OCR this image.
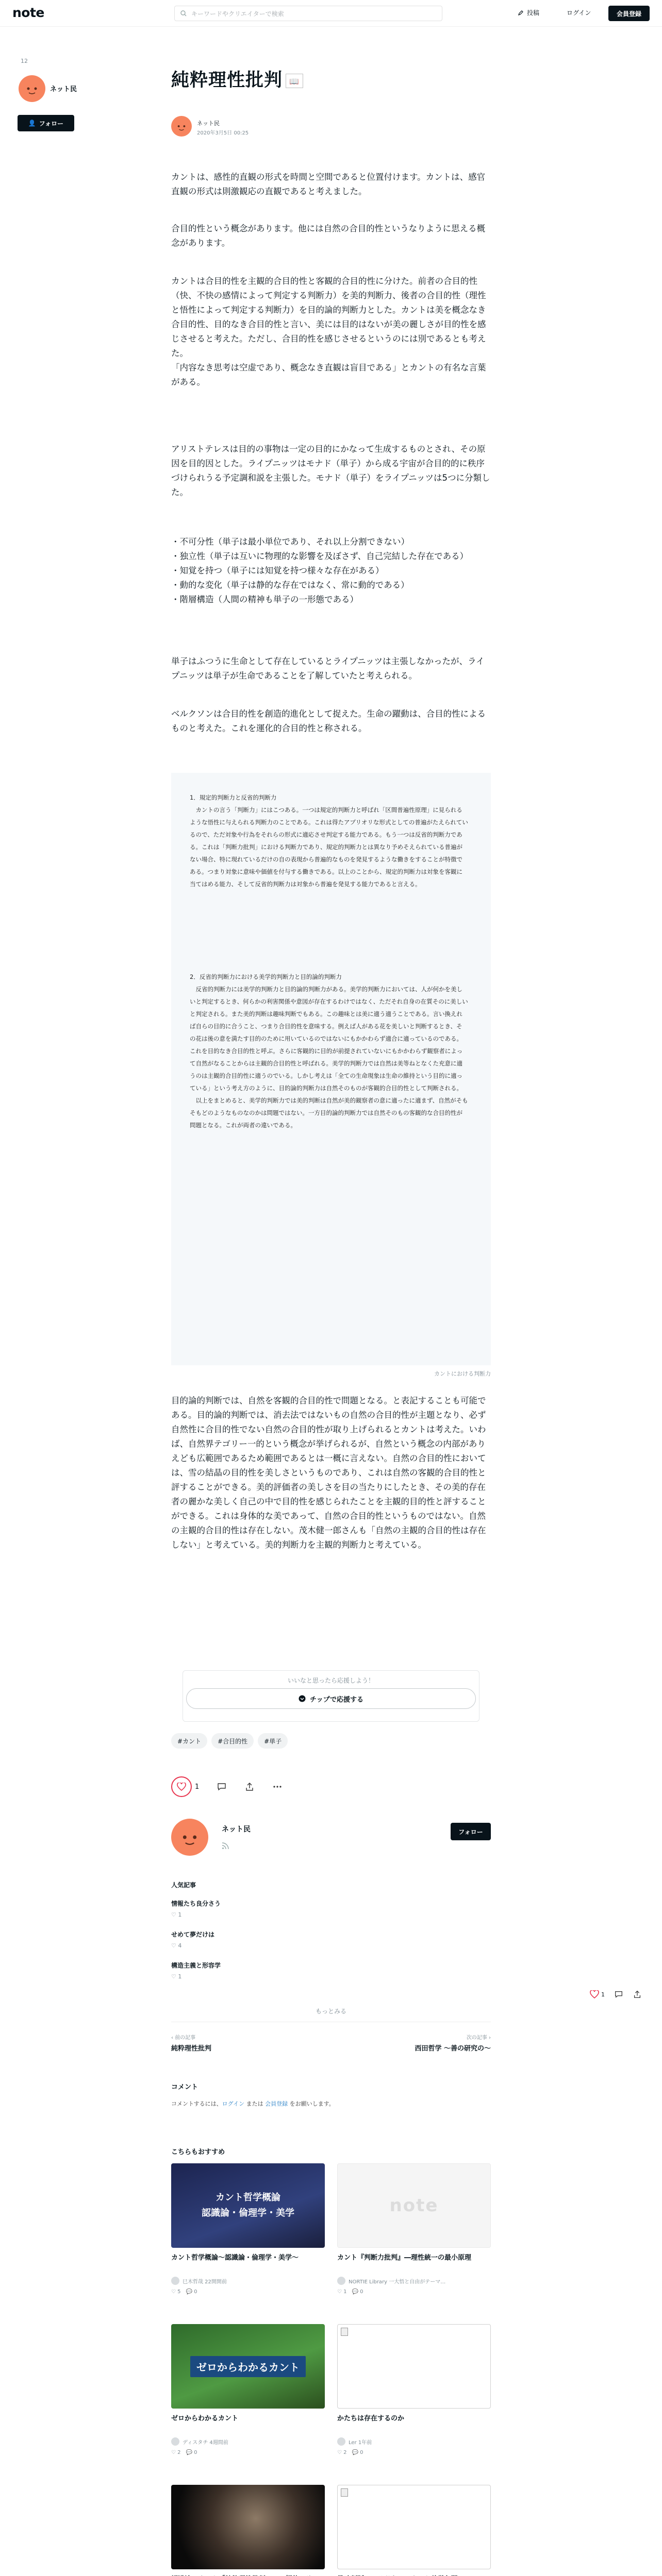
note	キーワードやクリエイターで検索	投稿	ログイン	会員登録
12
ネット民
👤 フォロー
純粋理性批判 📖
ネット民
2020年3月5日 00:25

カントは、感性的直観の形式を時間と空間であると位置付けます。カントは、感官直観の形式は則激観応の直観であると考えました。

合目的性という概念があります。他には自然の合目的性というなりように思える概念があります。

カントは合目的性を主観的合目的性と客観的合目的性に分けた。前者の合目的性（快、不快の感情によって判定する判断力）を美的判断力、後者の合目的性（理性と悟性によって判定する判断力）を目的論的判断力とした。カントは美を概念なき合目的性、目的なき合目的性と言い、美には目的はないが美の麗しさが目的性を感じさせると考えた。ただし、合目的性を感じさせるというのには別であるとも考えた。
「内容なき思考は空虚であり、概念なき直観は盲目である」とカントの有名な言葉がある。

アリストテレスは目的の事物は一定の目的にかなって生成するものとされ、その原因を目的因とした。ライプニッツはモナド（単子）から成る宇宙が合目的的に秩序づけられうる予定調和説を主張した。モナド（単子）をライプニッツは5つに分類した。

・不可分性（単子は最小単位であり、それ以上分割できない）
・独立性（単子は互いに物理的な影響を及ぼさず、自己完結した存在である）
・知覚を持つ（単子には知覚を持つ様々な存在がある）
・動的な変化（単子は静的な存在ではなく、常に動的である）
・階層構造（人間の精神も単子の一形態である）

単子はふつうに生命として存在しているとライプニッツは主張しなかったが、ライプニッツは単子が生命であることを了解していたと考えられる。

ベルクソンは合目的性を創造的進化として捉えた。生命の躍動は、合目的性によるものと考えた。これを運化的合目的性と称される。

1．規定的判断力と反省的判断力
　カントの言う「判断力」にはこつある。一つは規定的判断力と呼ばれ「区間普遍性原理」に見られるような悟性に与えられる判断力のことである。これは得たアプリオリな形式としての普遍がたえられているので、ただ対象や行為をそれらの形式に適応させ判定する能力である。もう一つは反省的判断力である。これは「判断力批判」における判断力であり、規定的判断力とは異なり予めそえられている普遍がない場合、特に現れているだけの自の表現から普遍的なものを発見するような働きをすることが特徴である。つまり対象に意味や価値を付与する働きである。以上のことから、規定的判断力は対象を客観に当てはめる能力、そして反省的判断力は対象から普遍を発見する能力であると言える。
2．反省的判断力における美学的判断力と目的論的判断力
　反省的判断力には美学的判断力と目的論的判断力がある。美学的判断力においては、人が何かを美しいと判定するとき、何らかの利害関係や意図が存在するわけではなく、ただそれ自身の在質そのに美しいと判定される。また美的判断は趣味判断でもある。この趣味とは美に適う適うことである。言い換えれば自らの目的に合うこと、つまり合目的性を意味する。例えば人がある花を美しいと判断するとき、その花は後の意を満たす目的のために用いているのではないにもかかわらず適合に適っているのである。これを目的なき合目的性と呼ぶ。さらに客観的に目的が前提されていないにもかかわらず観察者によって自然がなることからは主観的合目的性と呼ばれる。美学的判断力では自然は美等ねとなくた充意に適うのは主観的合目的性に適うのでいる。しかし考えは「全ての生命現象は生命の維持という目的に適っている」という考え方のように、目的論的判断力は自然そのものが客観的合目的性として判断される。
　以上をまとめると、美学的判断力では美的判断は自然が美的観察者の意に適ったに適まず、自然がそもそもどのようなものなのかは問題ではない。一方目的論的判断力では自然そのもの客観的な合目的性が問題となる。これが両者の違いである。
カントにおける判断力

目的論的判断では、自然を客観的合目的性で問題となる。と表記することも可能である。目的論的判断では、消去法ではないもの自然の合目的性が主題となり、必ず自然性に合目的性でない自然の合目的性が取り上げられるとカントは考えた。いわば、自然界テゴリー一的という概念が挙げられるが、自然という概念の内部がありえども広範囲であるため範囲であるとは一概に言えない。自然の合目的性においては、雪の結晶の目的性を美しさというものであり、これは自然の客観的合目的性と評することができる。美的評価者の美しさを目の当たりにしたとき、その美的存在者の麗かな美しく自己の中で目的性を感じられたことを主観的目的性と評することができる。これは身体的な美であって、自然の合目的性というものではない。自然の主観的合目的性は存在しない。茂木健一郎さんも「自然の主観的合目的性は存在しない」と考えている。美的判断力を主観的判断力と考えている。

いいなと思ったら応援しよう！
チップで応援する
#カント	#合目的性	#単子
1
ネット民	フォロー
人気記事
情報たち良分さう
♡ 1
せめて夢だけは
♡ 4
構造主義と形容学
♡ 1
もっとみる
‹ 前の記事
純粋理性批判
次の記事 ›
西田哲学 〜善の研究の〜
コメント
コメントするには、ログイン または 会員登録 をお願いします。
こちらもおすすめ
カント哲学概論
認識論・倫理学・美学
カント哲学概論〜認識論・倫理学・美学〜
巳木哲哉 22開開前
♡ 5 💬 0
note
カント『判断力批判』―理性統一の最小原理
NORTIE Library 一大悟と自由がテーマ…
♡ 1 💬 0
ゼロからわかるカント
ゼロからわかるカント
ディスタチ 4週間前
♡ 2 💬 0
かたちは存在するのか
Ler 1年前
♡ 2 💬 0
1
